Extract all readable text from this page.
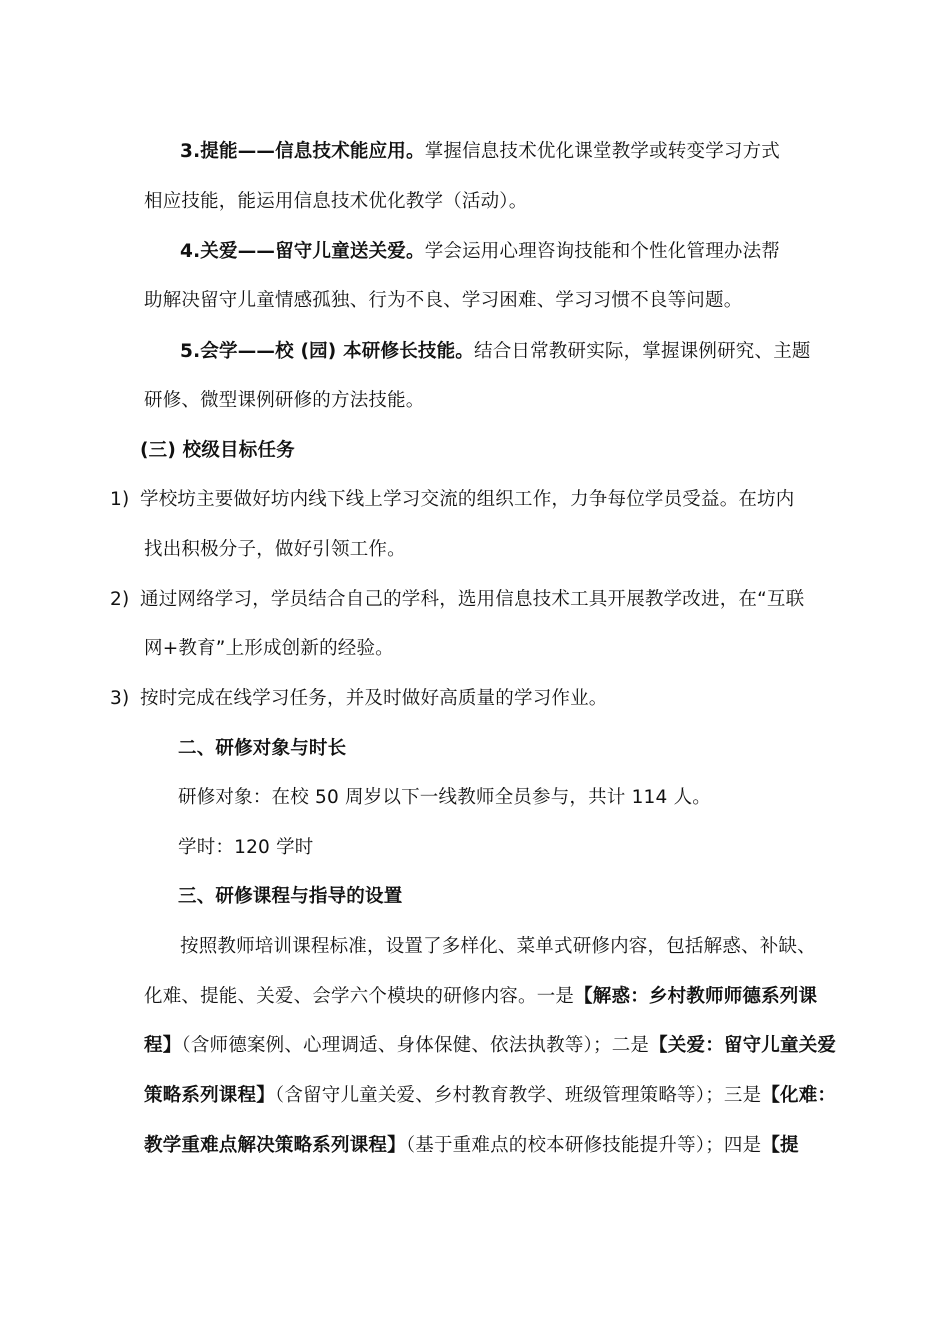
3.提能——信息技术能应用。掌握信息技术优化课堂教学或转变学习方式
相应技能，能运用信息技术优化教学（活动）。
4.关爱——留守儿童送关爱。学会运用心理咨询技能和个性化管理办法帮
助解决留守儿童情感孤独、行为不良、学习困难、学习习惯不良等问题。
5.会学——校 (园) 本研修长技能。结合日常教研实际，掌握课例研究、主题
研修、微型课例研修的方法技能。
(三) 校级目标任务
1) 学校坊主要做好坊内线下线上学习交流的组织工作，力争每位学员受益。在坊内
找出积极分子，做好引领工作。
2) 通过网络学习，学员结合自己的学科，选用信息技术工具开展教学改进，在“互联
网+教育”上形成创新的经验。
3) 按时完成在线学习任务，并及时做好高质量的学习作业。
二、研修对象与时长
研修对象：在校 50 周岁以下一线教师全员参与，共计 114 人。
学时：120 学时
三、研修课程与指导的设置
按照教师培训课程标准，设置了多样化、菜单式研修内容，包括解惑、补缺、
化难、提能、关爱、会学六个模块的研修内容。一是【解惑：乡村教师师德系列课
程】（含师德案例、心理调适、身体保健、依法执教等）；二是【关爱：留守儿童关爱
策略系列课程】（含留守儿童关爱、乡村教育教学、班级管理策略等）；三是【化难：
教学重难点解决策略系列课程】（基于重难点的校本研修技能提升等）；四是【提
